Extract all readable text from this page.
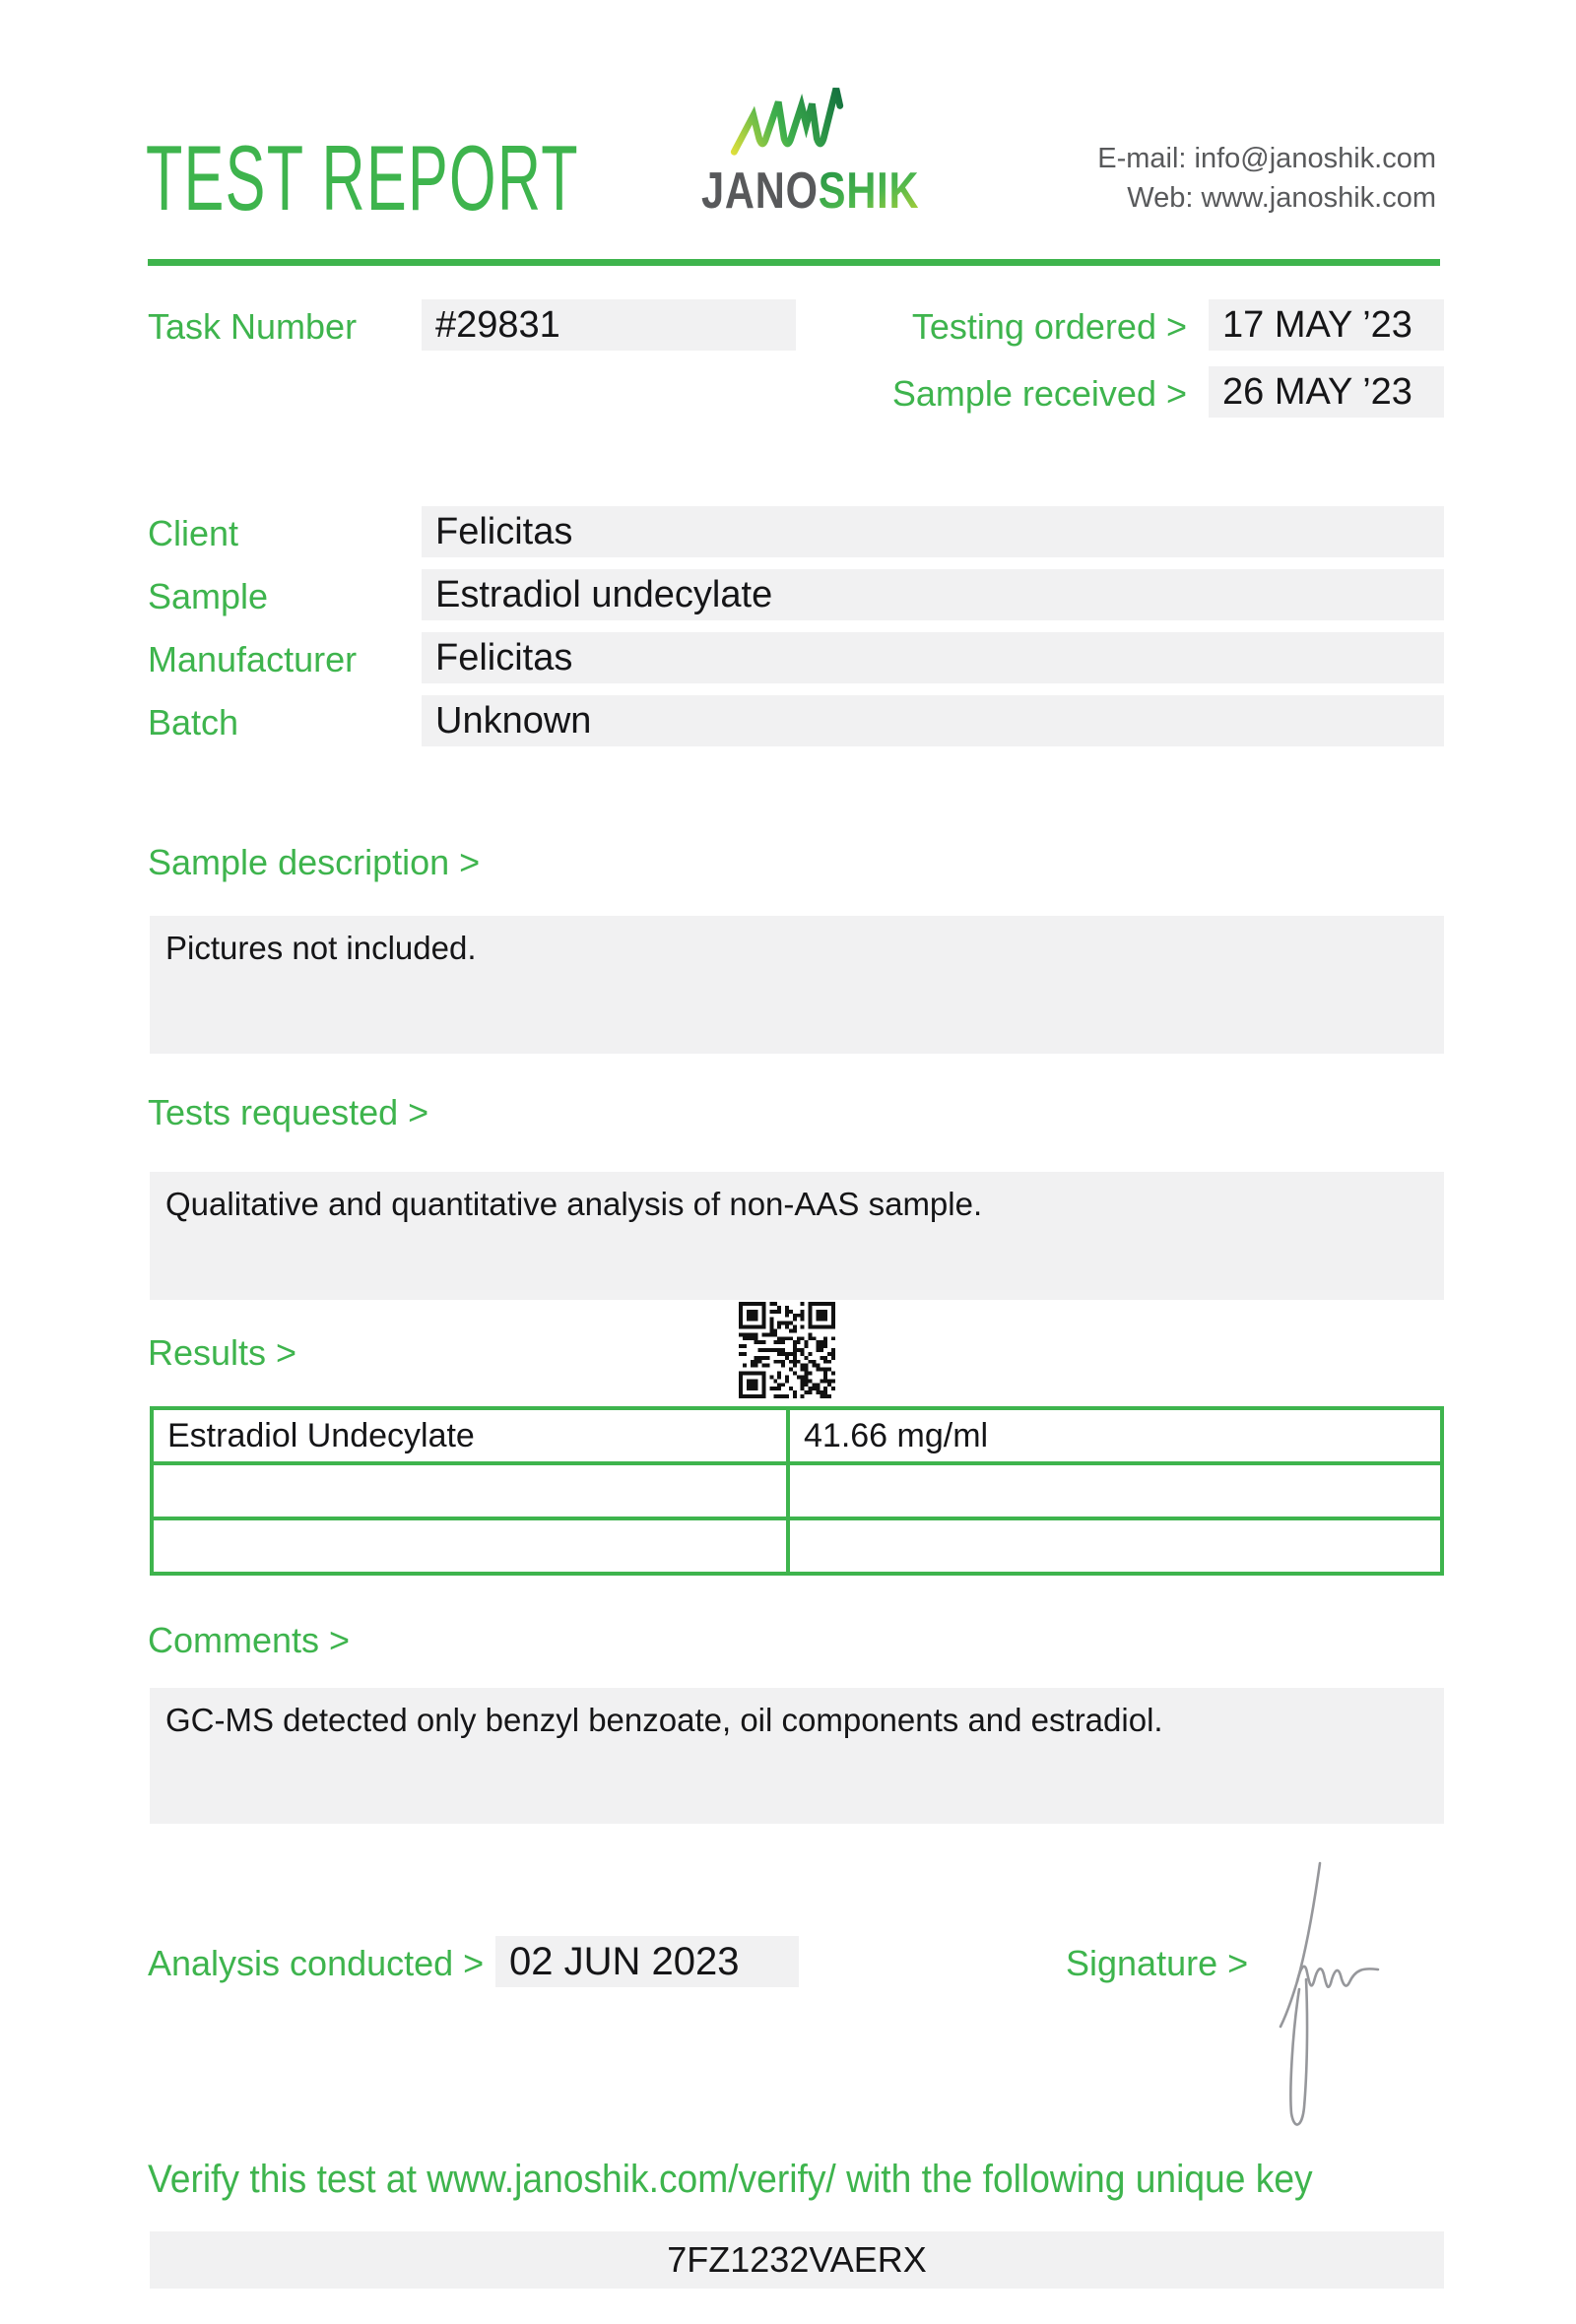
TEST REPORT JANOSHIK
E-mail: info@janoshik.com
Web: www.janoshik.com
Task Number	#29831	Testing ordered > 17 MAY ’23
Sample received > 26 MAY ’23
Client	Felicitas
Sample	Estradiol undecylate
Manufacturer	Felicitas
Batch	Unknown
Sample description >
Pictures not included.
Tests requested >
Qualitative and quantitative analysis of non-AAS sample.
Results >
Estradiol Undecylate	41.66 mg/ml
Comments >
GC-MS detected only benzyl benzoate, oil components and estradiol.
Analysis conducted > 02 JUN 2023	Signature >
Verify this test at www.janoshik.com/verify/ with the following unique key
7FZ1232VAERX
